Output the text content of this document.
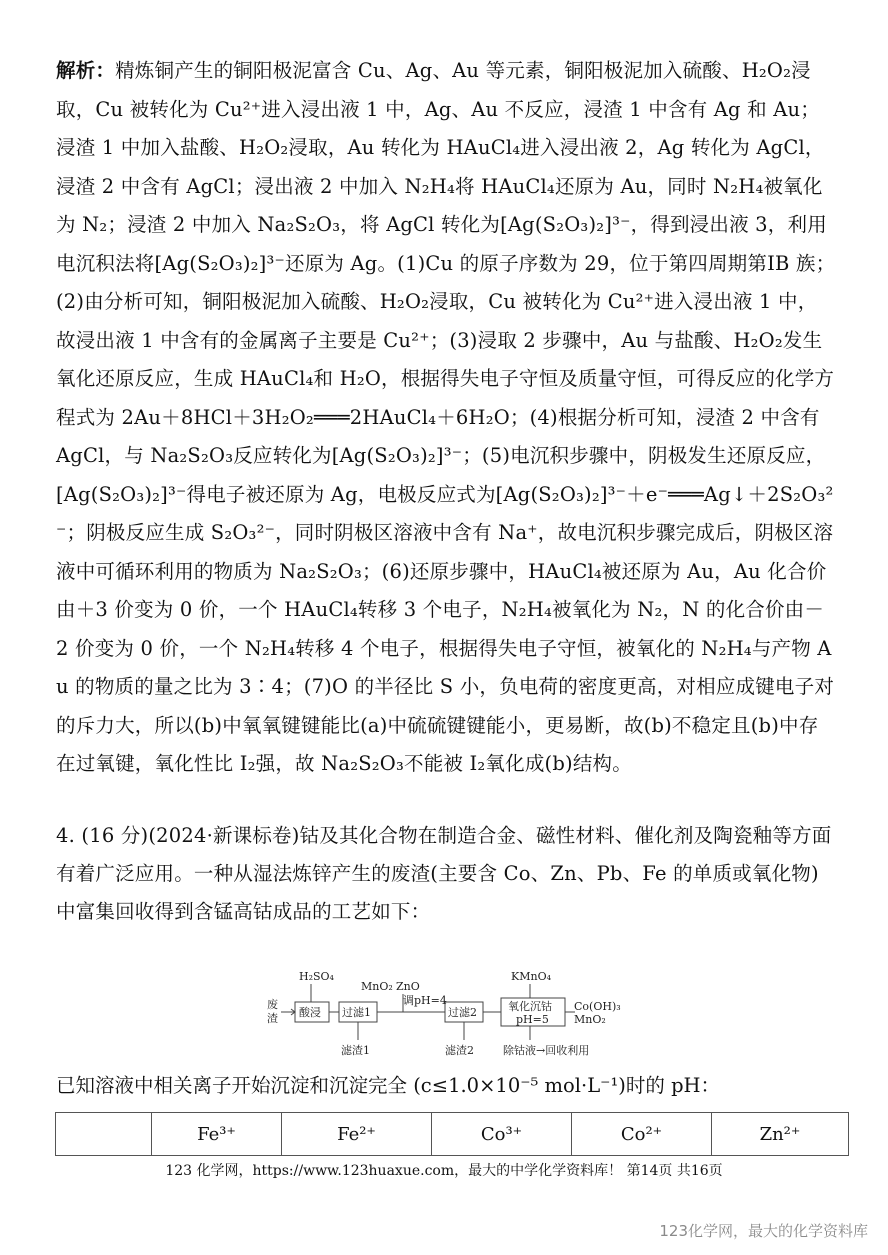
解析：精炼铜产生的铜阳极泥富含 Cu、Ag、Au 等元素，铜阳极泥加入硫酸、H₂O₂浸取，Cu 被转化为 Cu²⁺进入浸出液 1 中，Ag、Au 不反应，浸渣 1 中含有 Ag 和 Au；浸渣 1 中加入盐酸、H₂O₂浸取，Au 转化为 HAuCl₄进入浸出液 2，Ag 转化为 AgCl，浸渣 2 中含有 AgCl；浸出液 2 中加入 N₂H₄将 HAuCl₄还原为 Au，同时 N₂H₄被氧化为 N₂；浸渣 2 中加入 Na₂S₂O₃，将 AgCl 转化为[Ag(S₂O₃)₂]³⁻，得到浸出液 3，利用电沉积法将[Ag(S₂O₃)₂]³⁻还原为 Ag。(1)Cu 的原子序数为 29，位于第四周期第IB 族；(2)由分析可知，铜阳极泥加入硫酸、H₂O₂浸取，Cu 被转化为 Cu²⁺进入浸出液 1 中，故浸出液 1 中含有的金属离子主要是 Cu²⁺；(3)浸取 2 步骤中，Au 与盐酸、H₂O₂发生氧化还原反应，生成 HAuCl₄和 H₂O，根据得失电子守恒及质量守恒，可得反应的化学方程式为 2Au＋8HCl＋3H₂O₂═══2HAuCl₄＋6H₂O；(4)根据分析可知，浸渣 2 中含有 AgCl，与 Na₂S₂O₃反应转化为[Ag(S₂O₃)₂]³⁻；(5)电沉积步骤中，阴极发生还原反应，[Ag(S₂O₃)₂]³⁻得电子被还原为 Ag，电极反应式为[Ag(S₂O₃)₂]³⁻＋e⁻═══Ag↓＋2S₂O₃²⁻；阴极反应生成 S₂O₃²⁻，同时阴极区溶液中含有 Na⁺，故电沉积步骤完成后，阴极区溶液中可循环利用的物质为 Na₂S₂O₃；(6)还原步骤中，HAuCl₄被还原为 Au，Au 化合价由＋3 价变为 0 价，一个 HAuCl₄转移 3 个电子，N₂H₄被氧化为 N₂，N 的化合价由－2 价变为 0 价，一个 N₂H₄转移 4 个电子，根据得失电子守恒，被氧化的 N₂H₄与产物 Au 的物质的量之比为 3∶4；(7)O 的半径比 S 小，负电荷的密度更高，对相应成键电子对的斥力大，所以(b)中氧氧键键能比(a)中硫硫键键能小，更易断，故(b)不稳定且(b)中存在过氧键，氧化性比 I₂强，故 Na₂S₂O₃不能被 I₂氧化成(b)结构。
4. (16 分)(2024·新课标卷)钴及其化合物在制造合金、磁性材料、催化剂及陶瓷釉等方面有着广泛应用。一种从湿法炼锌产生的废渣(主要含 Co、Zn、Pb、Fe 的单质或氧化物)中富集回收得到含锰高钴成品的工艺如下：
废
渣
H₂SO₄
酸浸 过滤1
滤渣1
MnO₂ ZnO
调pH=4
过滤2
滤渣2
KMnO₄
氧化沉钴
pH=5
Co(OH)₃
MnO₂
除钴液→回收利用
已知溶液中相关离子开始沉淀和沉淀完全 (c≤1.0×10⁻⁵ mol·L⁻¹)时的 pH：
	Fe³⁺	Fe²⁺	Co³⁺	Co²⁺	Zn²⁺
123 化学网，https://www.123huaxue.com，最大的中学化学资料库！ 第14页 共16页
123化学网，最大的化学资料库
